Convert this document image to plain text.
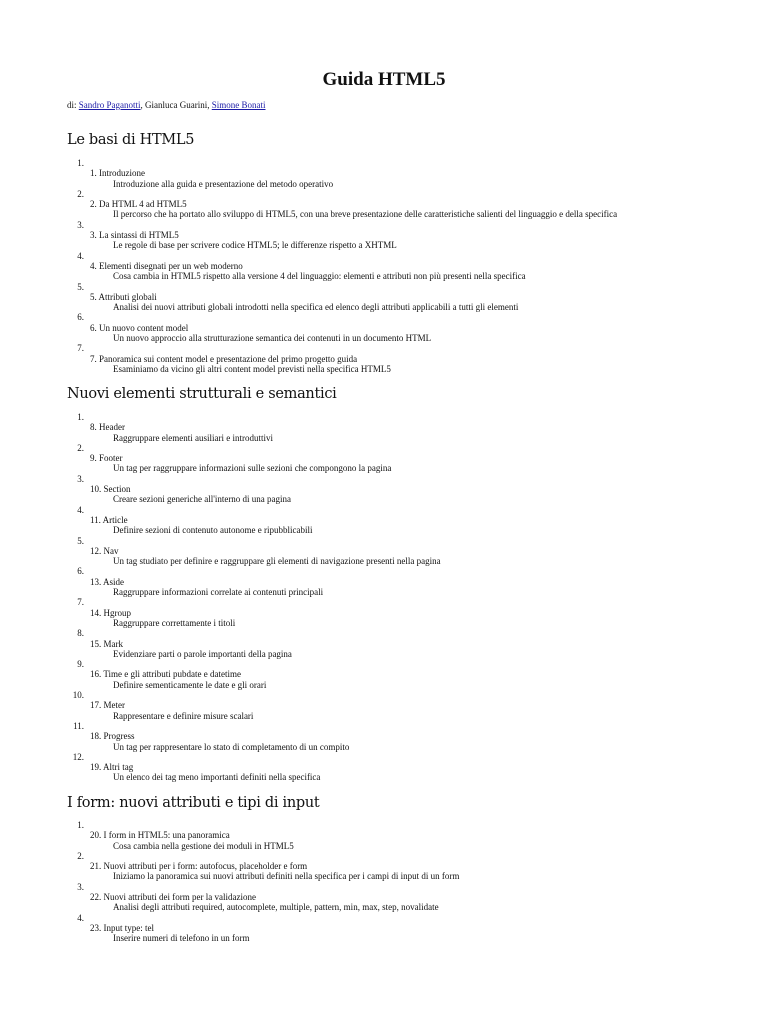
Guida HTML5
di: Sandro Paganotti, Gianluca Guarini, Simone Bonati
Le basi di HTML5
1.
1. Introduzione
Introduzione alla guida e presentazione del metodo operativo
2.
2. Da HTML 4 ad HTML5
Il percorso che ha portato allo sviluppo di HTML5, con una breve presentazione delle caratteristiche salienti del linguaggio e della specifica
3.
3. La sintassi di HTML5
Le regole di base per scrivere codice HTML5; le differenze rispetto a XHTML
4.
4. Elementi disegnati per un web moderno
Cosa cambia in HTML5 rispetto alla versione 4 del linguaggio: elementi e attributi non più presenti nella specifica
5.
5. Attributi globali
Analisi dei nuovi attributi globali introdotti nella specifica ed elenco degli attributi applicabili a tutti gli elementi
6.
6. Un nuovo content model
Un nuovo approccio alla strutturazione semantica dei contenuti in un documento HTML
7.
7. Panoramica sui content model e presentazione del primo progetto guida
Esaminiamo da vicino gli altri content model previsti nella specifica HTML5
Nuovi elementi strutturali e semantici
1.
8. Header
Raggruppare elementi ausiliari e introduttivi
2.
9. Footer
Un tag per raggruppare informazioni sulle sezioni che compongono la pagina
3.
10. Section
Creare sezioni generiche all'interno di una pagina
4.
11. Article
Definire sezioni di contenuto autonome e ripubblicabili
5.
12. Nav
Un tag studiato per definire e raggruppare gli elementi di navigazione presenti nella pagina
6.
13. Aside
Raggruppare informazioni correlate ai contenuti principali
7.
14. Hgroup
Raggruppare correttamente i titoli
8.
15. Mark
Evidenziare parti o parole importanti della pagina
9.
16. Time e gli attributi pubdate e datetime
Definire sementicamente le date e gli orari
10.
17. Meter
Rappresentare e definire misure scalari
11.
18. Progress
Un tag per rappresentare lo stato di completamento di un compito
12.
19. Altri tag
Un elenco dei tag meno importanti definiti nella specifica
I form: nuovi attributi e tipi di input
1.
20. I form in HTML5: una panoramica
Cosa cambia nella gestione dei moduli in HTML5
2.
21. Nuovi attributi per i form: autofocus, placeholder e form
Iniziamo la panoramica sui nuovi attributi definiti nella specifica per i campi di input di un form
3.
22. Nuovi attributi dei form per la validazione
Analisi degli attributi required, autocomplete, multiple, pattern, min, max, step, novalidate
4.
23. Input type: tel
Inserire numeri di telefono in un form
